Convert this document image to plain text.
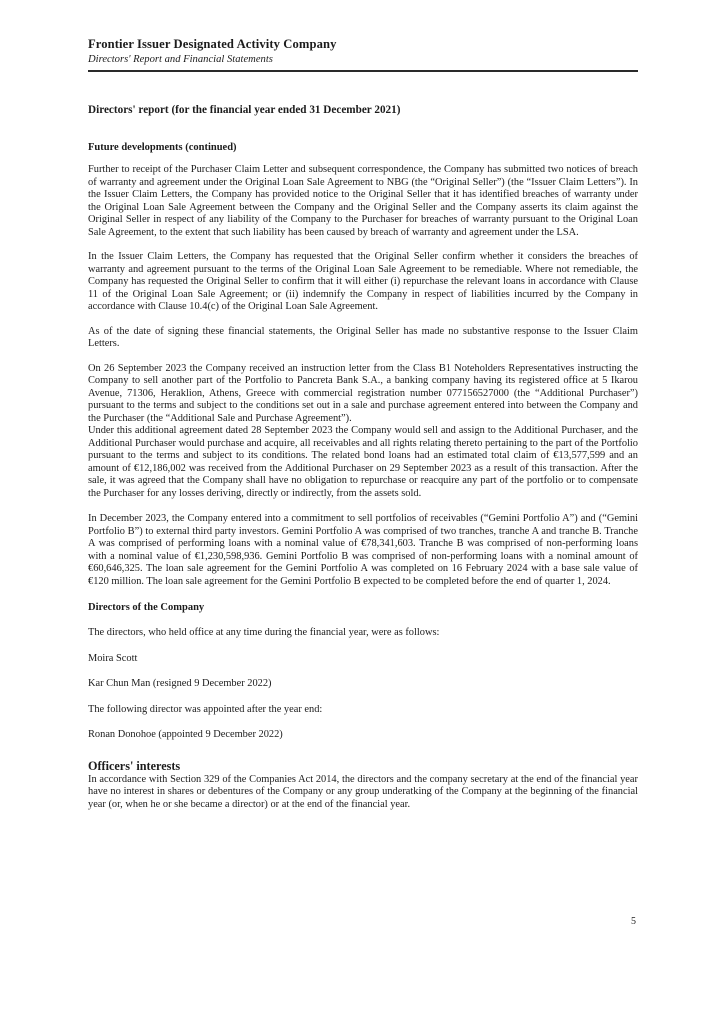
Frontier Issuer Designated Activity Company
Directors' Report and Financial Statements
Directors' report (for the financial year ended 31 December 2021)
Future developments (continued)

Further to receipt of the Purchaser Claim Letter and subsequent correspondence, the Company has submitted two notices of breach of warranty and agreement under the Original Loan Sale Agreement to NBG (the “Original Seller”) (the “Issuer Claim Letters”). In the Issuer Claim Letters, the Company has provided notice to the Original Seller that it has identified breaches of warranty under the Original Loan Sale Agreement between the Company and the Original Seller and the Company asserts its claim against the Original Seller in respect of any liability of the Company to the Purchaser for breaches of warranty pursuant to the Original Loan Sale Agreement, to the extent that such liability has been caused by breach of warranty and agreement under the LSA.

In the Issuer Claim Letters, the Company has requested that the Original Seller confirm whether it considers the breaches of warranty and agreement pursuant to the terms of the Original Loan Sale Agreement to be remediable. Where not remediable, the Company has requested the Original Seller to confirm that it will either (i) repurchase the relevant loans in accordance with Clause 11 of the Original Loan Sale Agreement; or (ii) indemnify the Company in respect of liabilities incurred by the Company in accordance with Clause 10.4(c) of the Original Loan Sale Agreement.

As of the date of signing these financial statements, the Original Seller has made no substantive response to the Issuer Claim Letters.

On 26 September 2023 the Company received an instruction letter from the Class B1 Noteholders Representatives instructing the Company to sell another part of the Portfolio to Pancreta Bank S.A., a banking company having its registered office at 5 Ikarou Avenue, 71306, Heraklion, Athens, Greece with commercial registration number 077156527000 (the “Additional Purchaser”) pursuant to the terms and subject to the conditions set out in a sale and purchase agreement entered into between the Company and the Purchaser (the “Additional Sale and Purchase Agreement”).

Under this additional agreement dated 28 September 2023 the Company would sell and assign to the Additional Purchaser, and the Additional Purchaser would purchase and acquire, all receivables and all rights relating thereto pertaining to the part of the Portfolio pursuant to the terms and subject to its conditions. The related bond loans had an estimated total claim of €13,577,599 and an amount of €12,186,002 was received from the Additional Purchaser on 29 September 2023 as a result of this transaction. After the sale, it was agreed that the Company shall have no obligation to repurchase or reacquire any part of the portfolio or to compensate the Purchaser for any losses deriving, directly or indirectly, from the assets sold.

In December 2023, the Company entered into a commitment to sell portfolios of receivables (“Gemini Portfolio A”) and (“Gemini Portfolio B”) to external third party investors. Gemini Portfolio A was comprised of two tranches, tranche A and tranche B. Tranche A was comprised of performing loans with a nominal value of €78,341,603. Tranche B was comprised of non-performing loans with a nominal value of €1,230,598,936. Gemini Portfolio B was comprised of non-performing loans with a nominal amount of €60,646,325. The loan sale agreement for the Gemini Portfolio A was completed on 16 February 2024 with a base sale value of €120 million. The loan sale agreement for the Gemini Portfolio B expected to be completed before the end of quarter 1, 2024.

Directors of the Company

The directors, who held office at any time during the financial year, were as follows:

Moira Scott

Kar Chun Man (resigned 9 December 2022)

The following director was appointed after the year end:

Ronan Donohoe (appointed 9 December 2022)

Officers' interests

In accordance with Section 329 of the Companies Act 2014, the directors and the company secretary at the end of the financial year have no interest in shares or debentures of the Company or any group underatking of the Company at the beginning of the financial year (or, when he or she became a director) or at the end of the financial year.

5
